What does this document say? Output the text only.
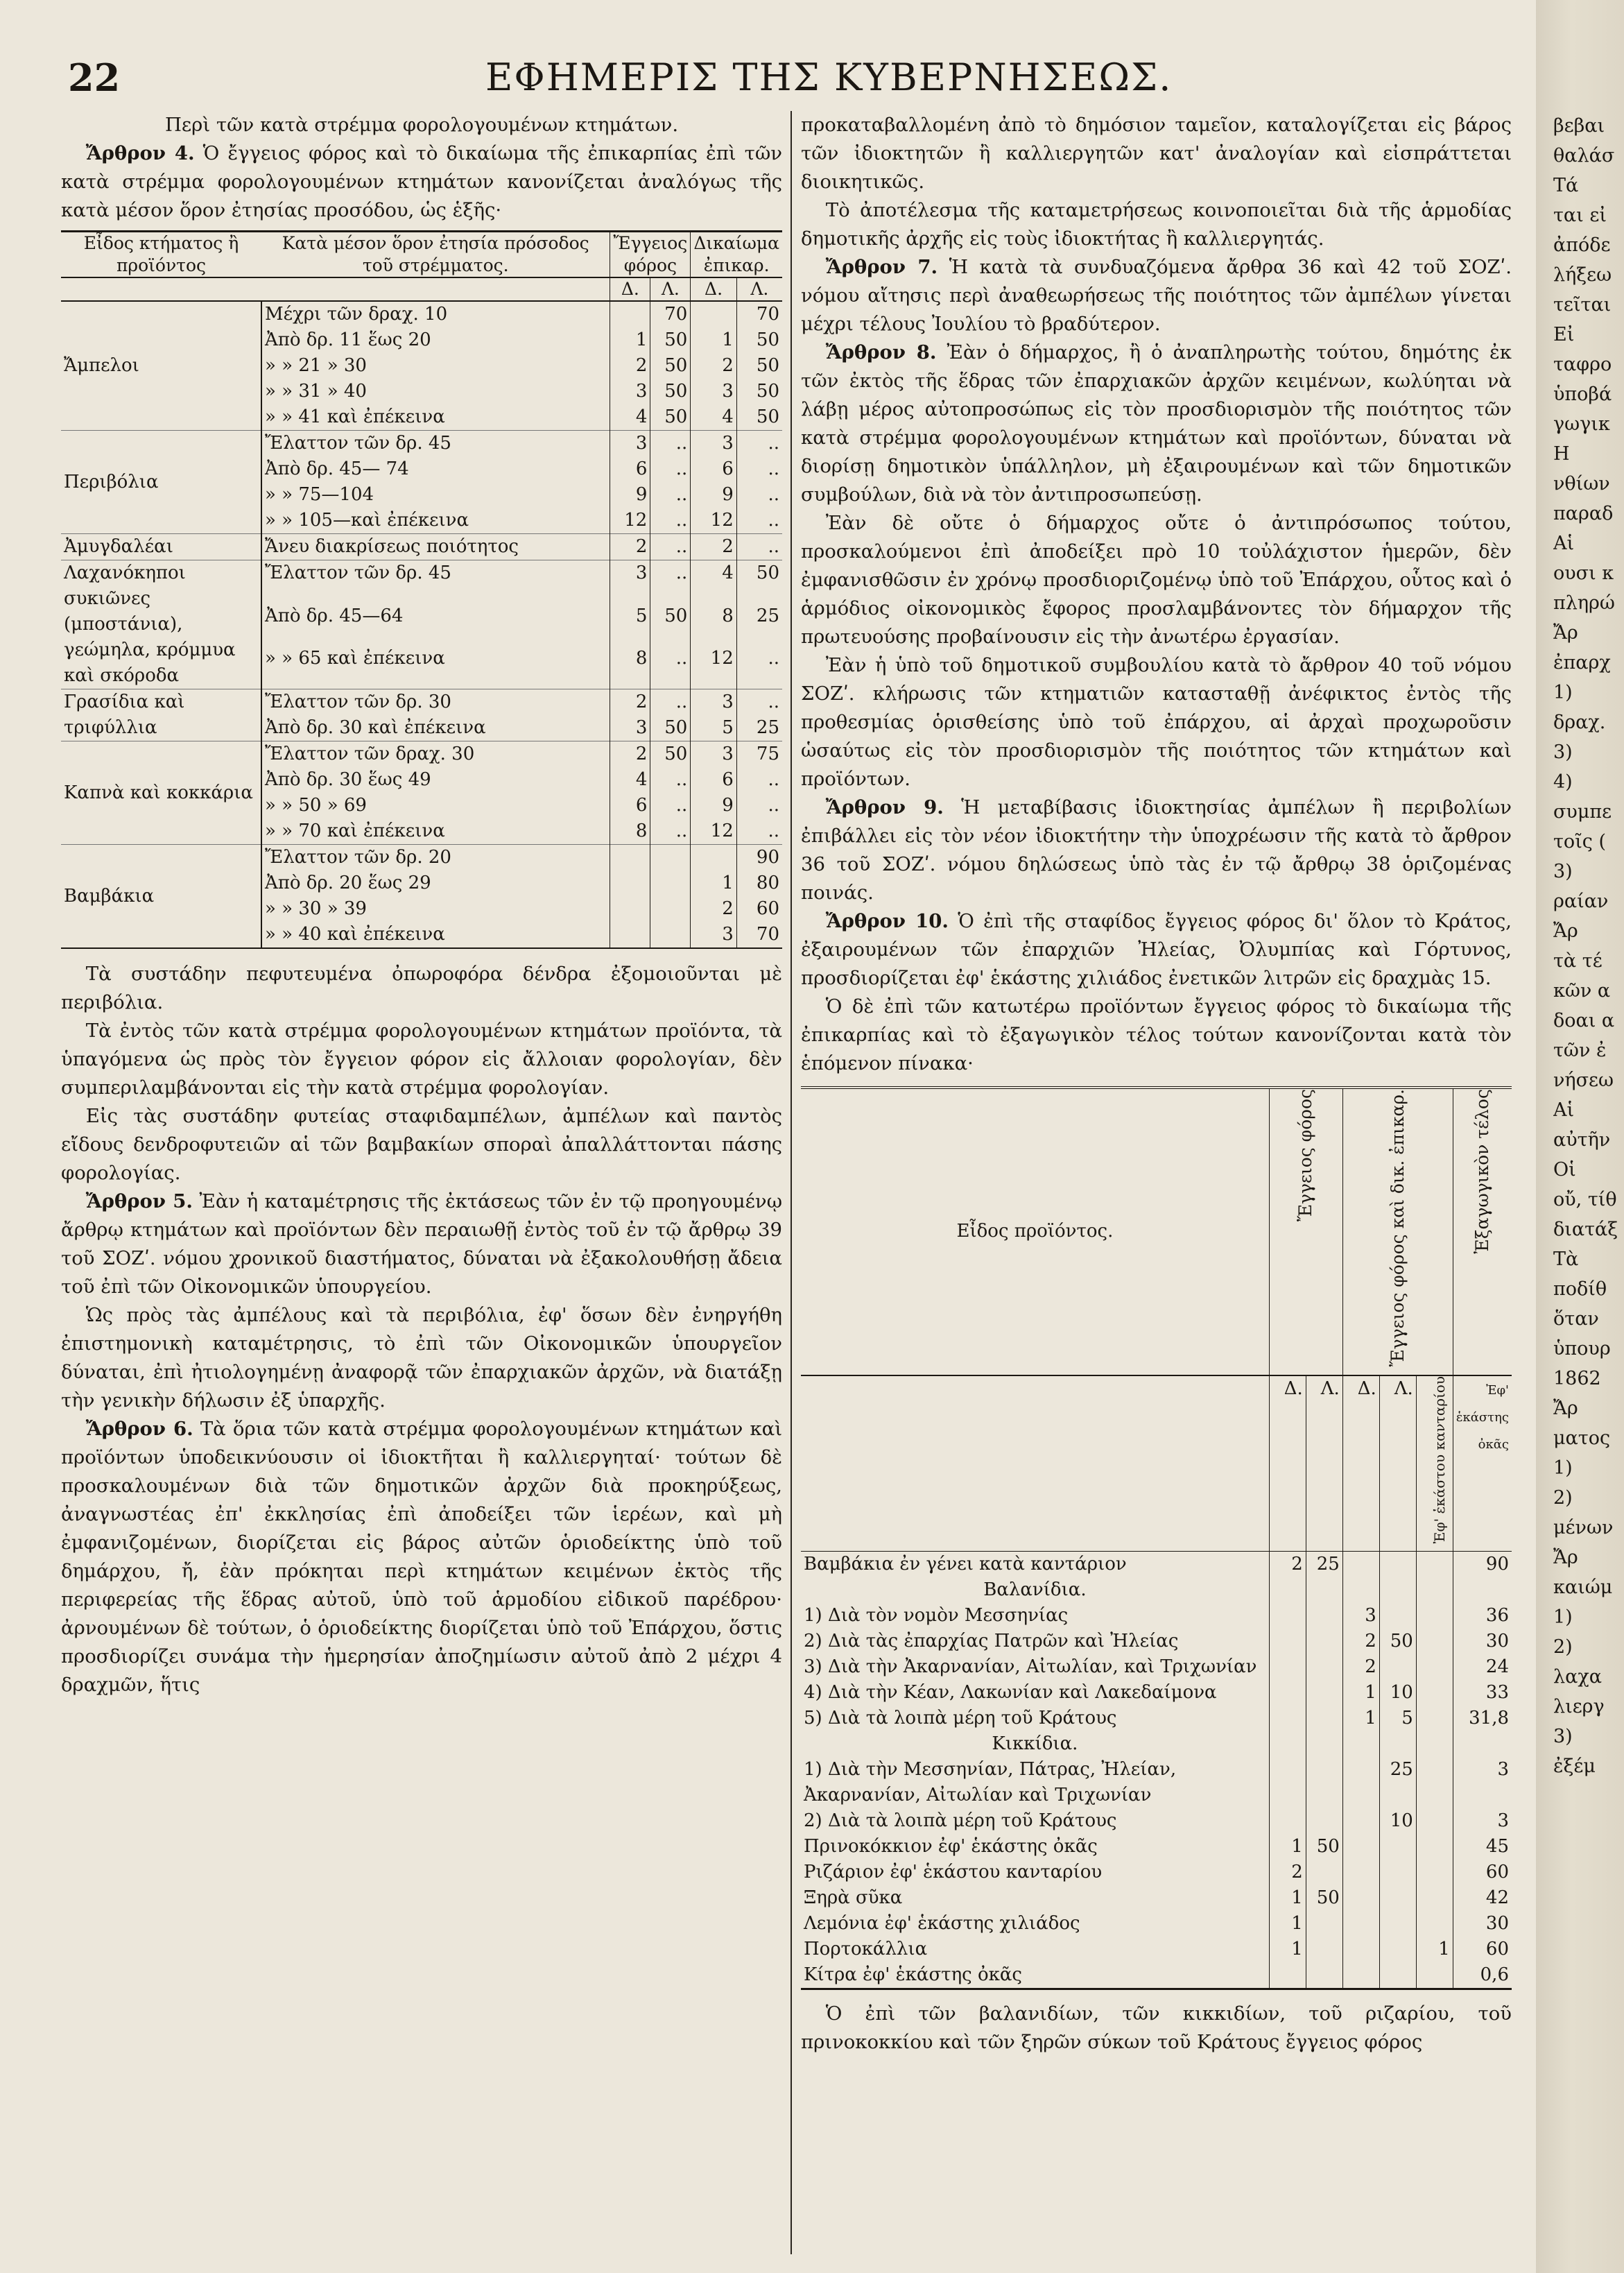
22	ΕΦΗΜΕΡΙΣ ΤΗΣ ΚΥΒΕΡΝΗΣΕΩΣ.

Περὶ τῶν κατὰ στρέμμα φορολογουμένων κτημάτων.

Ἄρθρον 4. Ὁ ἔγγειος φόρος καὶ τὸ δικαίωμα τῆς ἐπικαρπίας ἐπὶ τῶν κατὰ στρέμμα φορολογουμένων κτημάτων κανονίζεται ἀναλόγως τῆς κατὰ μέσον ὅρον ἐτησίας προσόδου, ὡς ἑξῆς·

Εἶδος κτήματος ἢ προϊόντος	Κατὰ μέσον ὅρον ἐτησία πρόσοδος τοῦ στρέμματος.	Ἔγγειος φόρος		Δικαίωμα ἐπικαρ.	
		Δ.	Λ.	Δ.	Λ.
Ἄμπελοι	Μέχρι τῶν δραχ. 10		70		70
	Ἀπὸ δρ. 11 ἕως 20	1	50	1	50
	» » 21 » 30	2	50	2	50
	» » 31 » 40	3	50	3	50
	» » 41 καὶ ἐπέκεινα	4	50	4	50
Περιβόλια	Ἔλαττον τῶν δρ. 45	3	..	3	..
	Ἀπὸ δρ. 45— 74	6	..	6	..
	» » 75—104	9	..	9	..
	» » 105—καὶ ἐπέκεινα	12	..	12	..
Ἀμυγδαλέαι	Ἄνευ διακρίσεως ποιότητος	2	..	2	..
Λαχανόκηποι συκιῶνες (μποστάνια), γεώμηλα, κρόμμυα καὶ σκόροδα	Ἔλαττον τῶν δρ. 45	3	..	4	50
	Ἀπὸ δρ. 45—64	5	50	8	25
	» » 65 καὶ ἐπέκεινα	8	..	12	..
Γρασίδια καὶ τριφύλλια	Ἔλαττον τῶν δρ. 30	2	..	3	..
	Ἀπὸ δρ. 30 καὶ ἐπέκεινα	3	50	5	25
Καπνὰ καὶ κοκκάρια	Ἔλαττον τῶν δραχ. 30	2	50	3	75
	Ἀπὸ δρ. 30 ἕως 49	4	..	6	..
	» » 50 » 69	6	..	9	..
	» » 70 καὶ ἐπέκεινα	8	..	12	..
Βαμβάκια	Ἔλαττον τῶν δρ. 20				90
	Ἀπὸ δρ. 20 ἕως 29			1	80
	» » 30 » 39			2	60
	» » 40 καὶ ἐπέκεινα			3	70

Τὰ συστάδην πεφυτευμένα ὀπωροφόρα δένδρα ἐξομοιοῦνται μὲ περιβόλια.

Τὰ ἐντὸς τῶν κατὰ στρέμμα φορολογουμένων κτημάτων προϊόντα, τὰ ὑπαγόμενα ὡς πρὸς τὸν ἔγγειον φόρον εἰς ἄλλοιαν φορολογίαν, δὲν συμπεριλαμβάνονται εἰς τὴν κατὰ στρέμμα φορολογίαν.

Εἰς τὰς συστάδην φυτείας σταφιδαμπέλων, ἀμπέλων καὶ παντὸς εἴδους δενδροφυτειῶν αἱ τῶν βαμβακίων σποραὶ ἀπαλλάττονται πάσης φορολογίας.

Ἄρθρον 5. Ἐὰν ἡ καταμέτρησις τῆς ἐκτάσεως τῶν ἐν τῷ προηγουμένῳ ἄρθρῳ κτημάτων καὶ προϊόντων δὲν περαιωθῇ ἐντὸς τοῦ ἐν τῷ ἄρθρῳ 39 τοῦ ΣΟΖʹ. νόμου χρονικοῦ διαστήματος, δύναται νὰ ἐξακολουθήσῃ ἄδεια τοῦ ἐπὶ τῶν Οἰκονομικῶν ὑπουργείου.

Ὡς πρὸς τὰς ἀμπέλους καὶ τὰ περιβόλια, ἐφ' ὅσων δὲν ἐνηργήθη ἐπιστημονικὴ καταμέτρησις, τὸ ἐπὶ τῶν Οἰκονομικῶν ὑπουργεῖον δύναται, ἐπὶ ἠτιολογημένῃ ἀναφορᾷ τῶν ἐπαρχιακῶν ἀρχῶν, νὰ διατάξῃ τὴν γενικὴν δήλωσιν ἐξ ὑπαρχῆς.

Ἄρθρον 6. Τὰ ὅρια τῶν κατὰ στρέμμα φορολογουμένων κτημάτων καὶ προϊόντων ὑποδεικνύουσιν οἱ ἰδιοκτῆται ἢ καλλιεργηταί· τούτων δὲ προσκαλουμένων διὰ τῶν δημοτικῶν ἀρχῶν διὰ προκηρύξεως, ἀναγνωστέας ἐπ' ἐκκλησίας ἐπὶ ἀποδείξει τῶν ἱερέων, καὶ μὴ ἐμφανιζομένων, διορίζεται εἰς βάρος αὐτῶν ὁριοδείκτης ὑπὸ τοῦ δημάρχου, ἤ, ἐὰν πρόκηται περὶ κτημάτων κειμένων ἐκτὸς τῆς περιφερείας τῆς ἕδρας αὐτοῦ, ὑπὸ τοῦ ἁρμοδίου εἰδικοῦ παρέδρου· ἀρνουμένων δὲ τούτων, ὁ ὁριοδείκτης διορίζεται ὑπὸ τοῦ Ἐπάρχου, ὅστις προσδιορίζει συνάμα τὴν ἡμερησίαν ἀποζημίωσιν αὐτοῦ ἀπὸ 2 μέχρι 4 δραχμῶν, ἥτις

προκαταβαλλομένη ἀπὸ τὸ δημόσιον ταμεῖον, καταλογίζεται εἰς βάρος τῶν ἰδιοκτητῶν ἢ καλλιεργητῶν κατ' ἀναλογίαν καὶ εἰσπράττεται διοικητικῶς.

Τὸ ἀποτέλεσμα τῆς καταμετρήσεως κοινοποιεῖται διὰ τῆς ἁρμοδίας δημοτικῆς ἀρχῆς εἰς τοὺς ἰδιοκτήτας ἢ καλλιεργητάς.

Ἄρθρον 7. Ἡ κατὰ τὰ συνδυαζόμενα ἄρθρα 36 καὶ 42 τοῦ ΣΟΖʹ. νόμου αἴτησις περὶ ἀναθεωρήσεως τῆς ποιότητος τῶν ἀμπέλων γίνεται μέχρι τέλους Ἰουλίου τὸ βραδύτερον.

Ἄρθρον 8. Ἐὰν ὁ δήμαρχος, ἢ ὁ ἀναπληρωτὴς τούτου, δημότης ἐκ τῶν ἐκτὸς τῆς ἕδρας τῶν ἐπαρχιακῶν ἀρχῶν κειμένων, κωλύηται νὰ λάβῃ μέρος αὐτοπροσώπως εἰς τὸν προσδιορισμὸν τῆς ποιότητος τῶν κατὰ στρέμμα φορολογουμένων κτημάτων καὶ προϊόντων, δύναται νὰ διορίσῃ δημοτικὸν ὑπάλληλον, μὴ ἐξαιρουμένων καὶ τῶν δημοτικῶν συμβούλων, διὰ νὰ τὸν ἀντιπροσωπεύσῃ.

Ἐὰν δὲ οὔτε ὁ δήμαρχος οὔτε ὁ ἀντιπρόσωπος τούτου, προσκαλούμενοι ἐπὶ ἀποδείξει πρὸ 10 τοὐλάχιστον ἡμερῶν, δὲν ἐμφανισθῶσιν ἐν χρόνῳ προσδιοριζομένῳ ὑπὸ τοῦ Ἐπάρχου, οὗτος καὶ ὁ ἁρμόδιος οἰκονομικὸς ἔφορος προσλαμβάνοντες τὸν δήμαρχον τῆς πρωτευούσης προβαίνουσιν εἰς τὴν ἀνωτέρω ἐργασίαν.

Ἐὰν ἡ ὑπὸ τοῦ δημοτικοῦ συμβουλίου κατὰ τὸ ἄρθρον 40 τοῦ νόμου ΣΟΖʹ. κλήρωσις τῶν κτηματιῶν κατασταθῇ ἀνέφικτος ἐντὸς τῆς προθεσμίας ὁρισθείσης ὑπὸ τοῦ ἐπάρχου, αἱ ἀρχαὶ προχωροῦσιν ὡσαύτως εἰς τὸν προσδιορισμὸν τῆς ποιότητος τῶν κτημάτων καὶ προϊόντων.

Ἄρθρον 9. Ἡ μεταβίβασις ἰδιοκτησίας ἀμπέλων ἢ περιβολίων ἐπιβάλλει εἰς τὸν νέον ἰδιοκτήτην τὴν ὑποχρέωσιν τῆς κατὰ τὸ ἄρθρον 36 τοῦ ΣΟΖʹ. νόμου δηλώσεως ὑπὸ τὰς ἐν τῷ ἄρθρῳ 38 ὁριζομένας ποινάς.

Ἄρθρον 10. Ὁ ἐπὶ τῆς σταφίδος ἔγγειος φόρος δι' ὅλον τὸ Κράτος, ἐξαιρουμένων τῶν ἐπαρχιῶν Ἠλείας, Ὀλυμπίας καὶ Γόρτυνος, προσδιορίζεται ἐφ' ἑκάστης χιλιάδος ἐνετικῶν λιτρῶν εἰς δραχμὰς 15.

Ὁ δὲ ἐπὶ τῶν κατωτέρω προϊόντων ἔγγειος φόρος τὸ δικαίωμα τῆς ἐπικαρπίας καὶ τὸ ἐξαγωγικὸν τέλος τούτων κανονίζονται κατὰ τὸν ἑπόμενον πίνακα·

Εἶδος προϊόντος.	Ἔγγειος φόρος		Ἔγγειος φόρος καὶ δικ. ἐπικαρ.			Ἐξαγωγικὸν τέλος
	Δ.	Λ.	Δ.	Λ.	Ἐφ' ἑκάστου κανταρίου	Ἐφ' ἑκάστης ὀκᾶς
Βαμβάκια ἐν γένει κατὰ καντάριον	2	25				90
Βαλανίδια.						
1) Διὰ τὸν νομὸν Μεσσηνίας			3			36
2) Διὰ τὰς ἐπαρχίας Πατρῶν καὶ Ἠλείας			2	50		30
3) Διὰ τὴν Ἀκαρνανίαν, Αἰτωλίαν, καὶ Τριχωνίαν			2			24
4) Διὰ τὴν Κέαν, Λακωνίαν καὶ Λακεδαίμονα			1	10		33
5) Διὰ τὰ λοιπὰ μέρη τοῦ Κράτους			1	5		31,8
Κικκίδια.						
1) Διὰ τὴν Μεσσηνίαν, Πάτρας, Ἠλείαν, Ἀκαρνανίαν, Αἰτωλίαν καὶ Τριχωνίαν				25		3
2) Διὰ τὰ λοιπὰ μέρη τοῦ Κράτους				10		3
Πρινοκόκκιον ἐφ' ἑκάστης ὀκᾶς	1	50				45
Ριζάριον ἐφ' ἑκάστου κανταρίου	2					60
Ξηρὰ σῦκα	1	50				42
Λεμόνια ἐφ' ἑκάστης χιλιάδος	1					30
Πορτοκάλλια	1				1	60
Κίτρα ἐφ' ἑκάστης ὀκᾶς						0,6

Ὁ ἐπὶ τῶν βαλανιδίων, τῶν κικκιδίων, τοῦ ριζαρίου, τοῦ πρινοκοκκίου καὶ τῶν ξηρῶν σύκων τοῦ Κράτους ἔγγειος φόρος

βεβαι
θαλάσ
Τά
ται εἰ
ἀπόδε
λήξεω
τεῖται
Εἰ
ταφρο
ὑποβά
γωγικ
Η
νθίων
παραδ
Αἱ
ουσι κ
πληρώ
Ἄρ
ἐπαρχ
1)
δραχ.
3)
4)
συμπε
τοῖς (
3)
ραίαν
Ἄρ
τὰ τέ
κῶν α
δοαι α
τῶν ἐ
νήσεω
Αἱ
αὐτῆν
Οἱ
οὔ, τίθ
διατάξ
Τὰ
ποδίθ
ὅταν
ὑπουρ
1862
Ἄρ
ματος
1)
2)
μένων
Ἄρ
καιώμ
1)
2)
λαχα
λιεργ
3)
ἐξέμ
